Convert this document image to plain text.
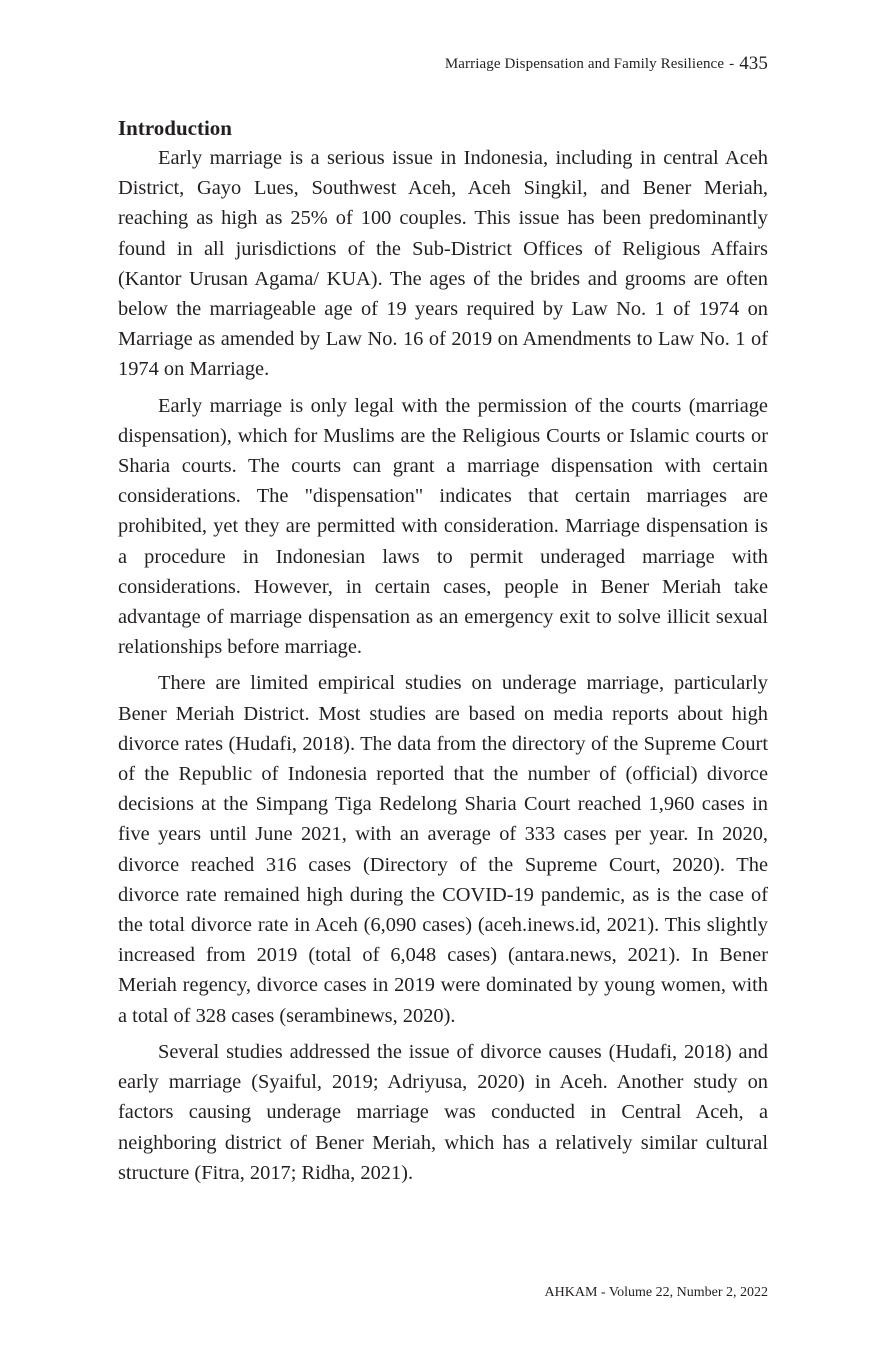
Marriage Dispensation and Family Resilience - 435
Introduction

Early marriage is a serious issue in Indonesia, including in central Aceh District, Gayo Lues, Southwest Aceh, Aceh Singkil, and Bener Meriah, reaching as high as 25% of 100 couples. This issue has been predominantly found in all jurisdictions of the Sub-District Offices of Religious Affairs (Kantor Urusan Agama/ KUA). The ages of the brides and grooms are often below the marriageable age of 19 years required by Law No. 1 of 1974 on Marriage as amended by Law No. 16 of 2019 on Amendments to Law No. 1 of 1974 on Marriage.

Early marriage is only legal with the permission of the courts (marriage dispensation), which for Muslims are the Religious Courts or Islamic courts or Sharia courts. The courts can grant a marriage dispensation with certain considerations. The "dispensation" indicates that certain marriages are prohibited, yet they are permitted with consideration. Marriage dispensation is a procedure in Indonesian laws to permit underaged marriage with considerations. However, in certain cases, people in Bener Meriah take advantage of marriage dispensation as an emergency exit to solve illicit sexual relationships before marriage.

There are limited empirical studies on underage marriage, particularly Bener Meriah District. Most studies are based on media reports about high divorce rates (Hudafi, 2018). The data from the directory of the Supreme Court of the Republic of Indonesia reported that the number of (official) divorce decisions at the Simpang Tiga Redelong Sharia Court reached 1,960 cases in five years until June 2021, with an average of 333 cases per year. In 2020, divorce reached 316 cases (Directory of the Supreme Court, 2020). The divorce rate remained high during the COVID-19 pandemic, as is the case of the total divorce rate in Aceh (6,090 cases) (aceh.inews.id, 2021). This slightly increased from 2019 (total of 6,048 cases) (antara.news, 2021). In Bener Meriah regency, divorce cases in 2019 were dominated by young women, with a total of 328 cases (serambinews, 2020).

Several studies addressed the issue of divorce causes (Hudafi, 2018) and early marriage (Syaiful, 2019; Adriyusa, 2020) in Aceh. Another study on factors causing underage marriage was conducted in Central Aceh, a neighboring district of Bener Meriah, which has a relatively similar cultural structure (Fitra, 2017; Ridha, 2021).

AHKAM - Volume 22, Number 2, 2022
